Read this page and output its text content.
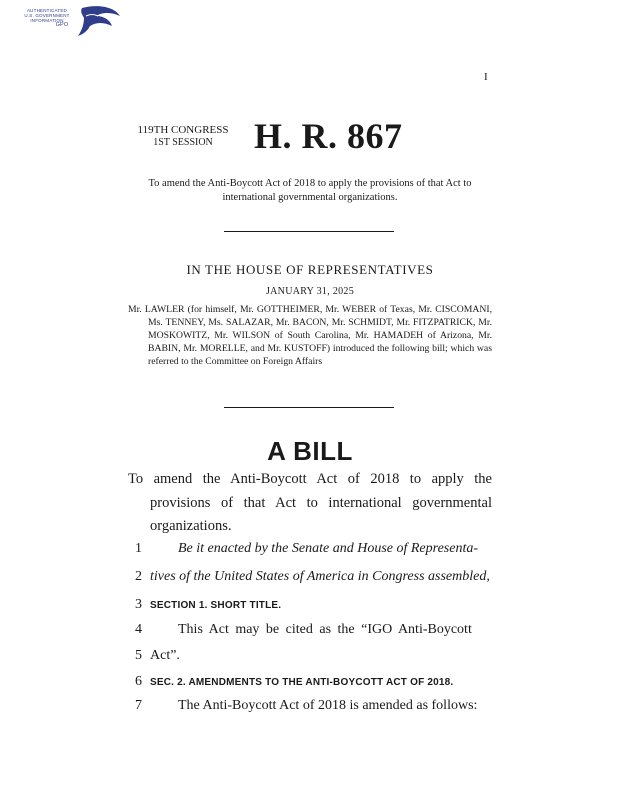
AUTHENTICATED
U.S. GOVERNMENT
INFORMATION
GPO
I
119TH CONGRESS
1ST SESSION	H. R. 867
To amend the Anti-Boycott Act of 2018 to apply the provisions of that Act to international governmental organizations.
IN THE HOUSE OF REPRESENTATIVES
JANUARY 31, 2025

Mr. LAWLER (for himself, Mr. GOTTHEIMER, Mr. WEBER of Texas, Mr. CISCOMANI, Ms. TENNEY, Ms. SALAZAR, Mr. BACON, Mr. SCHMIDT, Mr. FITZPATRICK, Mr. MOSKOWITZ, Mr. WILSON of South Carolina, Mr. HAMADEH of Arizona, Mr. BABIN, Mr. MORELLE, and Mr. KUSTOFF) introduced the following bill; which was referred to the Committee on Foreign Affairs

A BILL

To amend the Anti-Boycott Act of 2018 to apply the provisions of that Act to international governmental organizations.

1	Be it enacted by the Senate and House of Representa-
2 tives of the United States of America in Congress assembled,
3 SECTION 1. SHORT TITLE.
4	This Act may be cited as the “IGO Anti-Boycott
5 Act”.
6 SEC. 2. AMENDMENTS TO THE ANTI-BOYCOTT ACT OF 2018.
7	The Anti-Boycott Act of 2018 is amended as follows:
